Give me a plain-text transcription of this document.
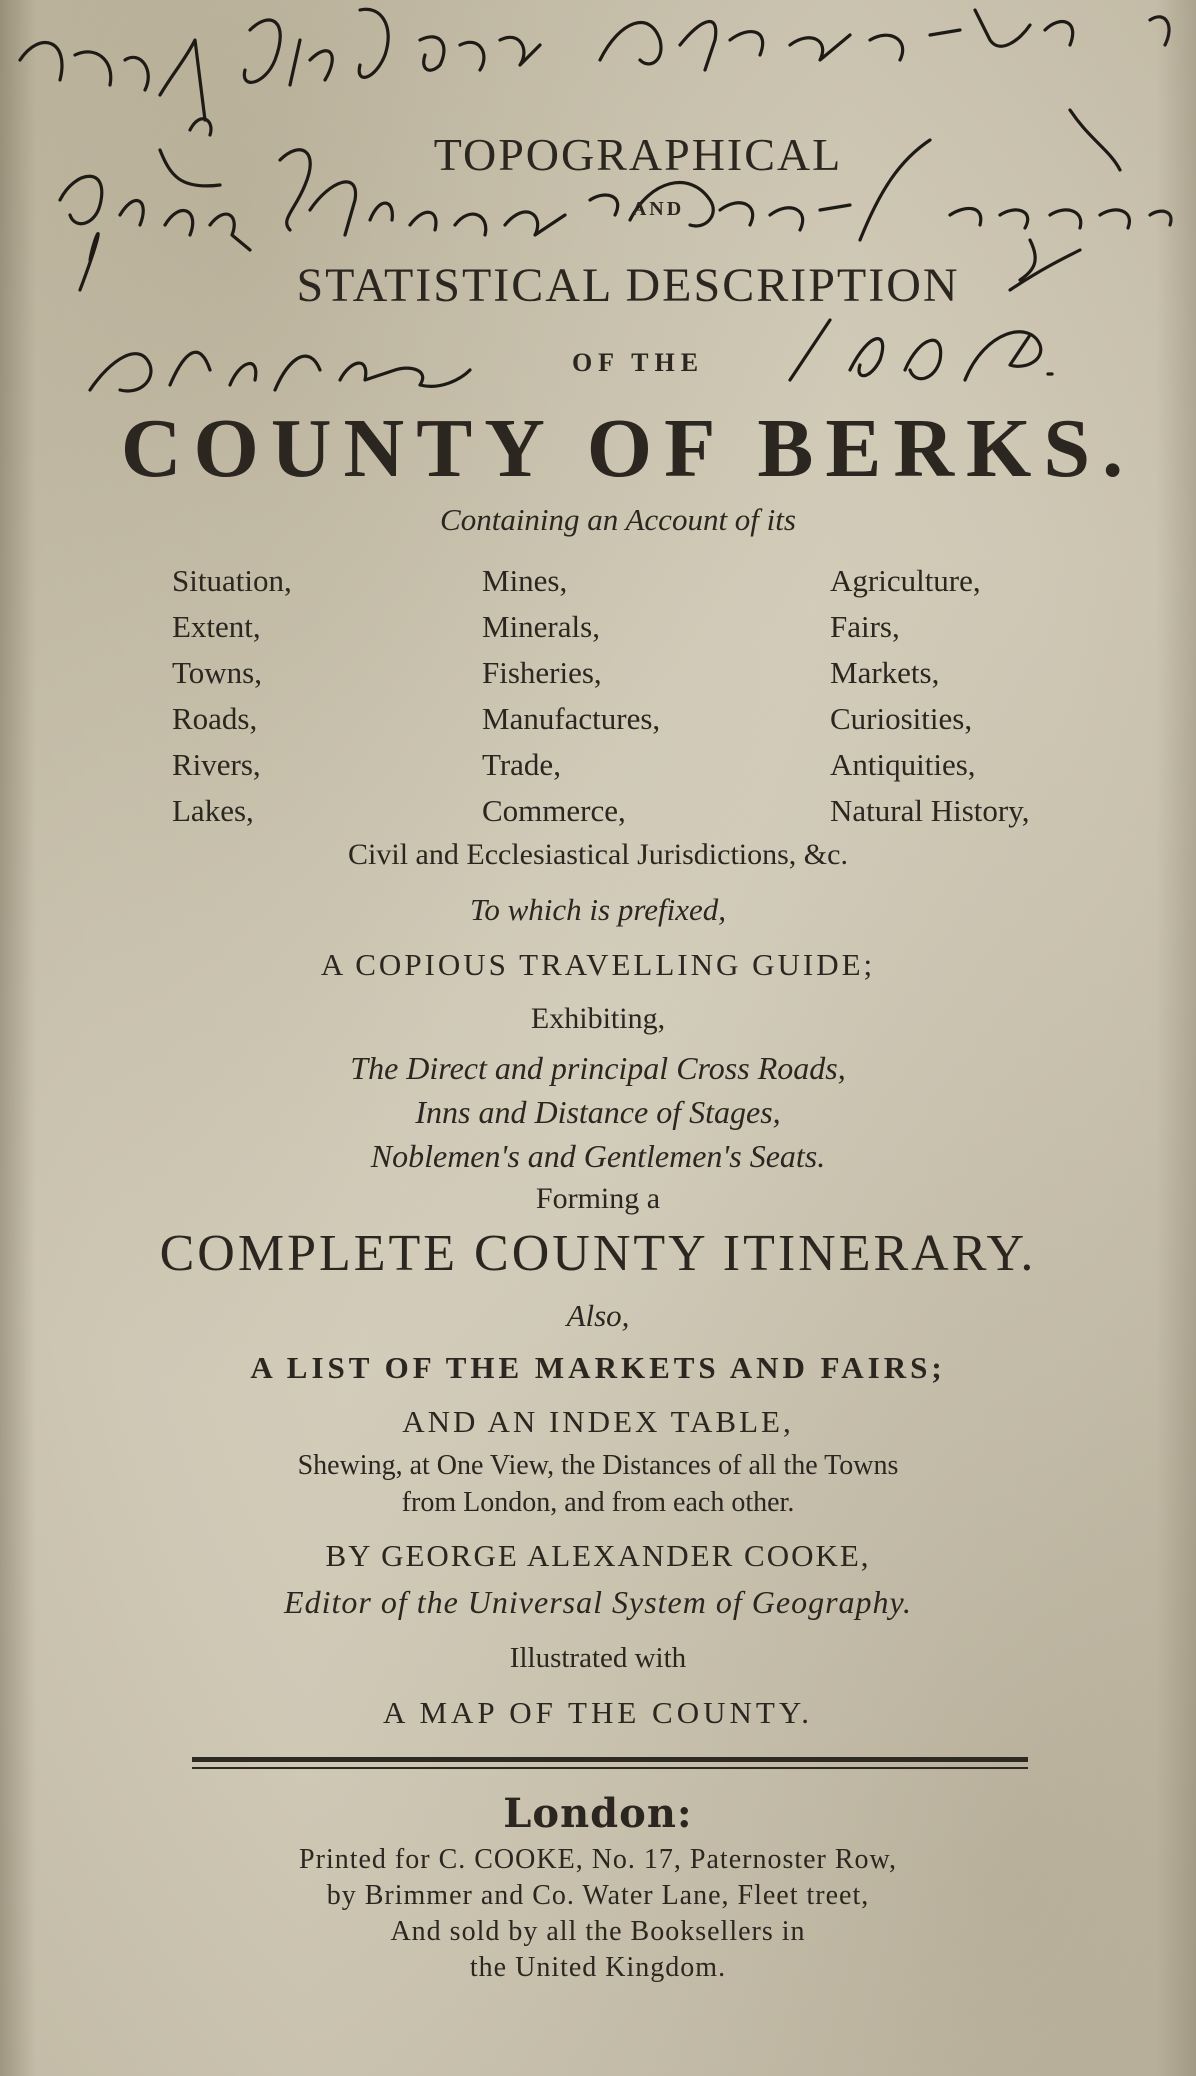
TOPOGRAPHICAL
AND
STATISTICAL DESCRIPTION
OF THE
COUNTY OF BERKS.
Containing an Account of its
Situation,
Extent,
Towns,
Roads,
Rivers,
Lakes,
Mines,
Minerals,
Fisheries,
Manufactures,
Trade,
Commerce,
Agriculture,
Fairs,
Markets,
Curiosities,
Antiquities,
Natural History,
Civil and Ecclesiastical Jurisdictions, &c.
To which is prefixed,
A COPIOUS TRAVELLING GUIDE;
Exhibiting,
The Direct and principal Cross Roads,
Inns and Distance of Stages,
Noblemen's and Gentlemen's Seats.
Forming a
COMPLETE COUNTY ITINERARY.
Also,
A LIST OF THE MARKETS AND FAIRS;
AND AN INDEX TABLE,
Shewing, at One View, the Distances of all the Towns
from London, and from each other.
BY GEORGE ALEXANDER COOKE,
Editor of the Universal System of Geography.
Illustrated with
A MAP OF THE COUNTY.
London:
Printed for C. COOKE, No. 17, Paternoster Row,
by Brimmer and Co. Water Lane, Fleet treet,
And sold by all the Booksellers in
the United Kingdom.
